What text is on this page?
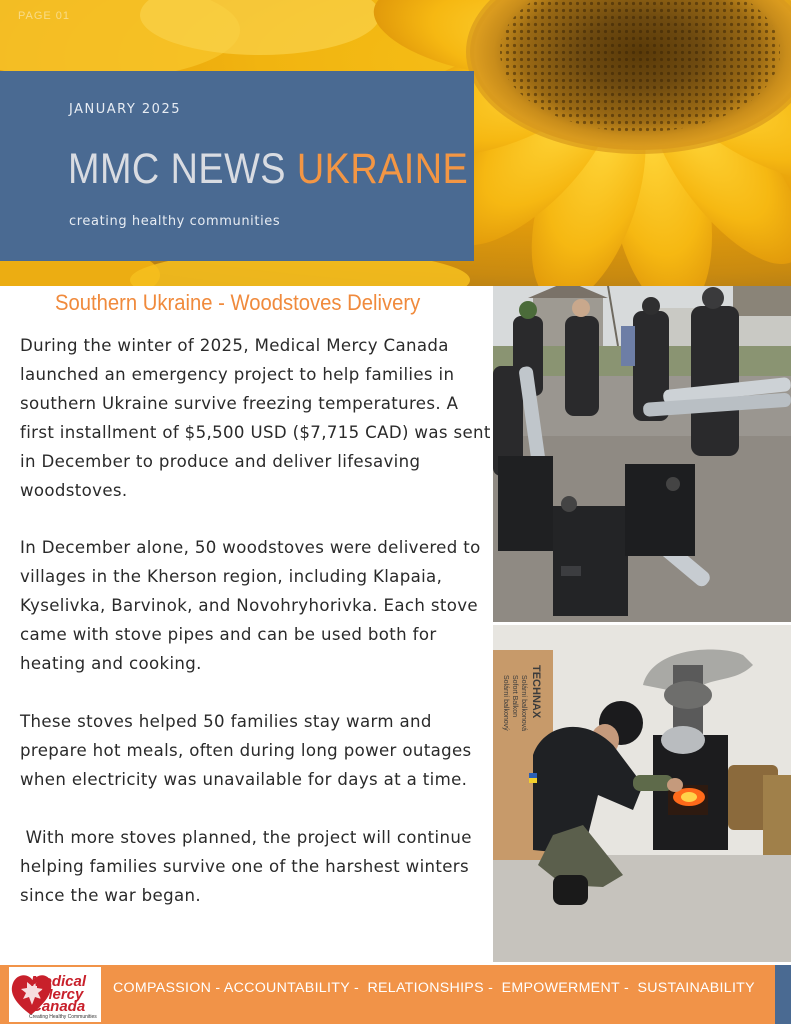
PAGE 01
JANUARY 2025
MMC NEWS UKRAINE
creating healthy communities
Southern Ukraine - Woodstoves Delivery

During the winter of 2025, Medical Mercy Canada launched an emergency project to help families in southern Ukraine survive freezing temperatures. A first installment of $5,500 USD ($7,715 CAD) was sent in December to produce and deliver lifesaving woodstoves.

In December alone, 50 woodstoves were delivered to villages in the Kherson region, including Klapaia, Kyselivka, Barvinok, and Novohryhorivka. Each stove came with stove pipes and can be used both for heating and cooking.

These stoves helped 50 families stay warm and prepare hot meals, often during long power outages when electricity was unavailable for days at a time.

With more stoves planned, the project will continue helping families survive one of the harshest winters since the war began.

TECHNAX
Sofort Balkon Solární balkonová
Solární balkonový
Medical
Mercy
Canada
Creating Healthy Communities
COMPASSION - ACCOUNTABILITY -  RELATIONSHIPS -  EMPOWERMENT -  SUSTAINABILITY
